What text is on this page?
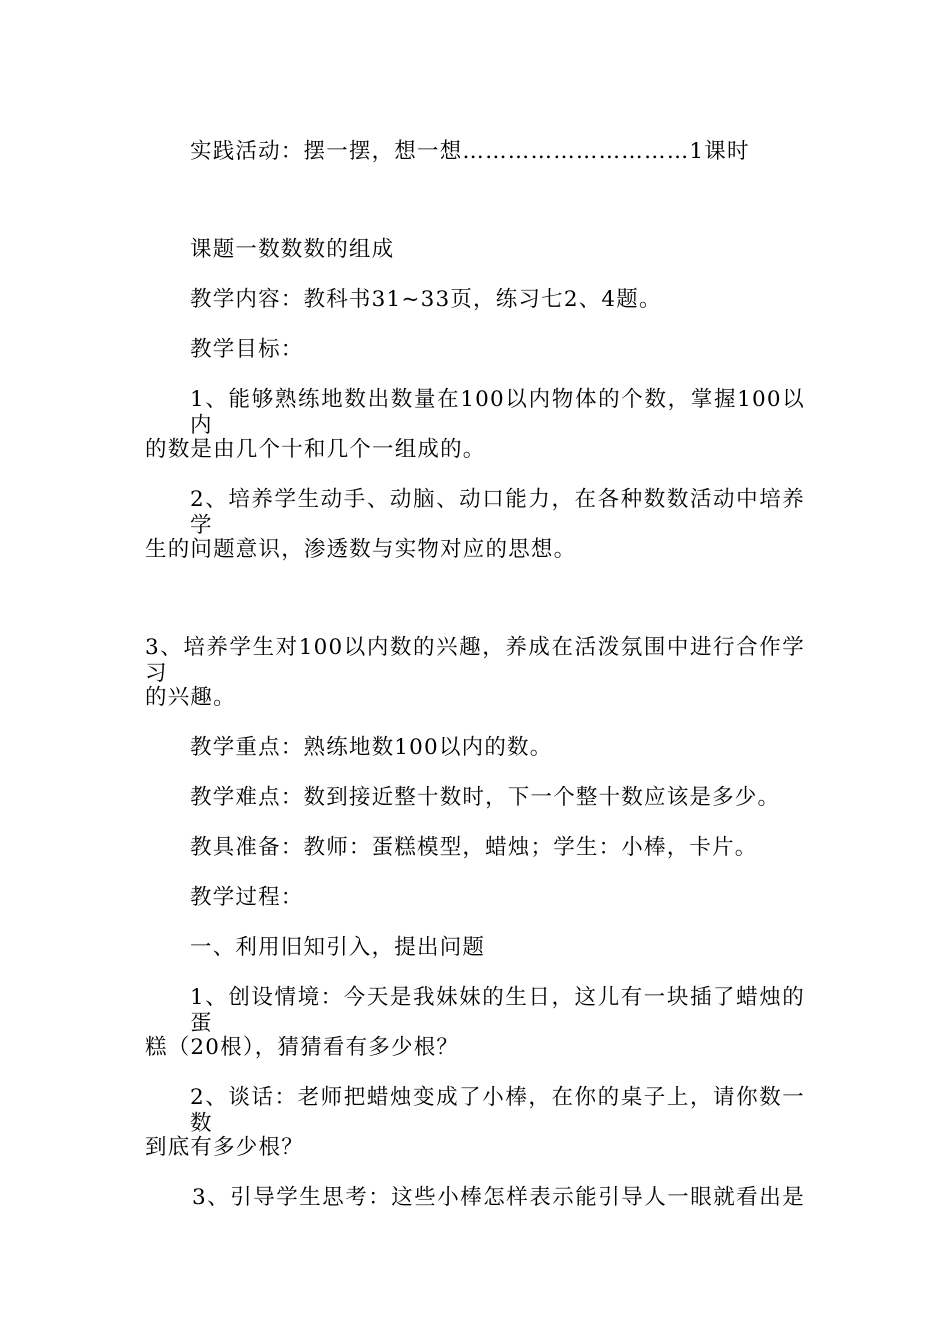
实践活动：摆一摆，想一想…………………………1课时
课题一数数数的组成
教学内容：教科书31~33页，练习七2、4题。
教学目标：
1、能够熟练地数出数量在100以内物体的个数，掌握100以内
的数是由几个十和几个一组成的。
2、培养学生动手、动脑、动口能力，在各种数数活动中培养学
生的问题意识，渗透数与实物对应的思想。
3、培养学生对100以内数的兴趣，养成在活泼氛围中进行合作学习
的兴趣。
教学重点：熟练地数100以内的数。
教学难点：数到接近整十数时，下一个整十数应该是多少。
教具准备：教师：蛋糕模型，蜡烛；学生：小棒，卡片。
教学过程：
一、利用旧知引入，提出问题
1、创设情境：今天是我妹妹的生日，这儿有一块插了蜡烛的蛋
糕（20根），猜猜看有多少根？
2、谈话：老师把蜡烛变成了小棒，在你的桌子上，请你数一数
到底有多少根？
3、引导学生思考：这些小棒怎样表示能引导人一眼就看出是
